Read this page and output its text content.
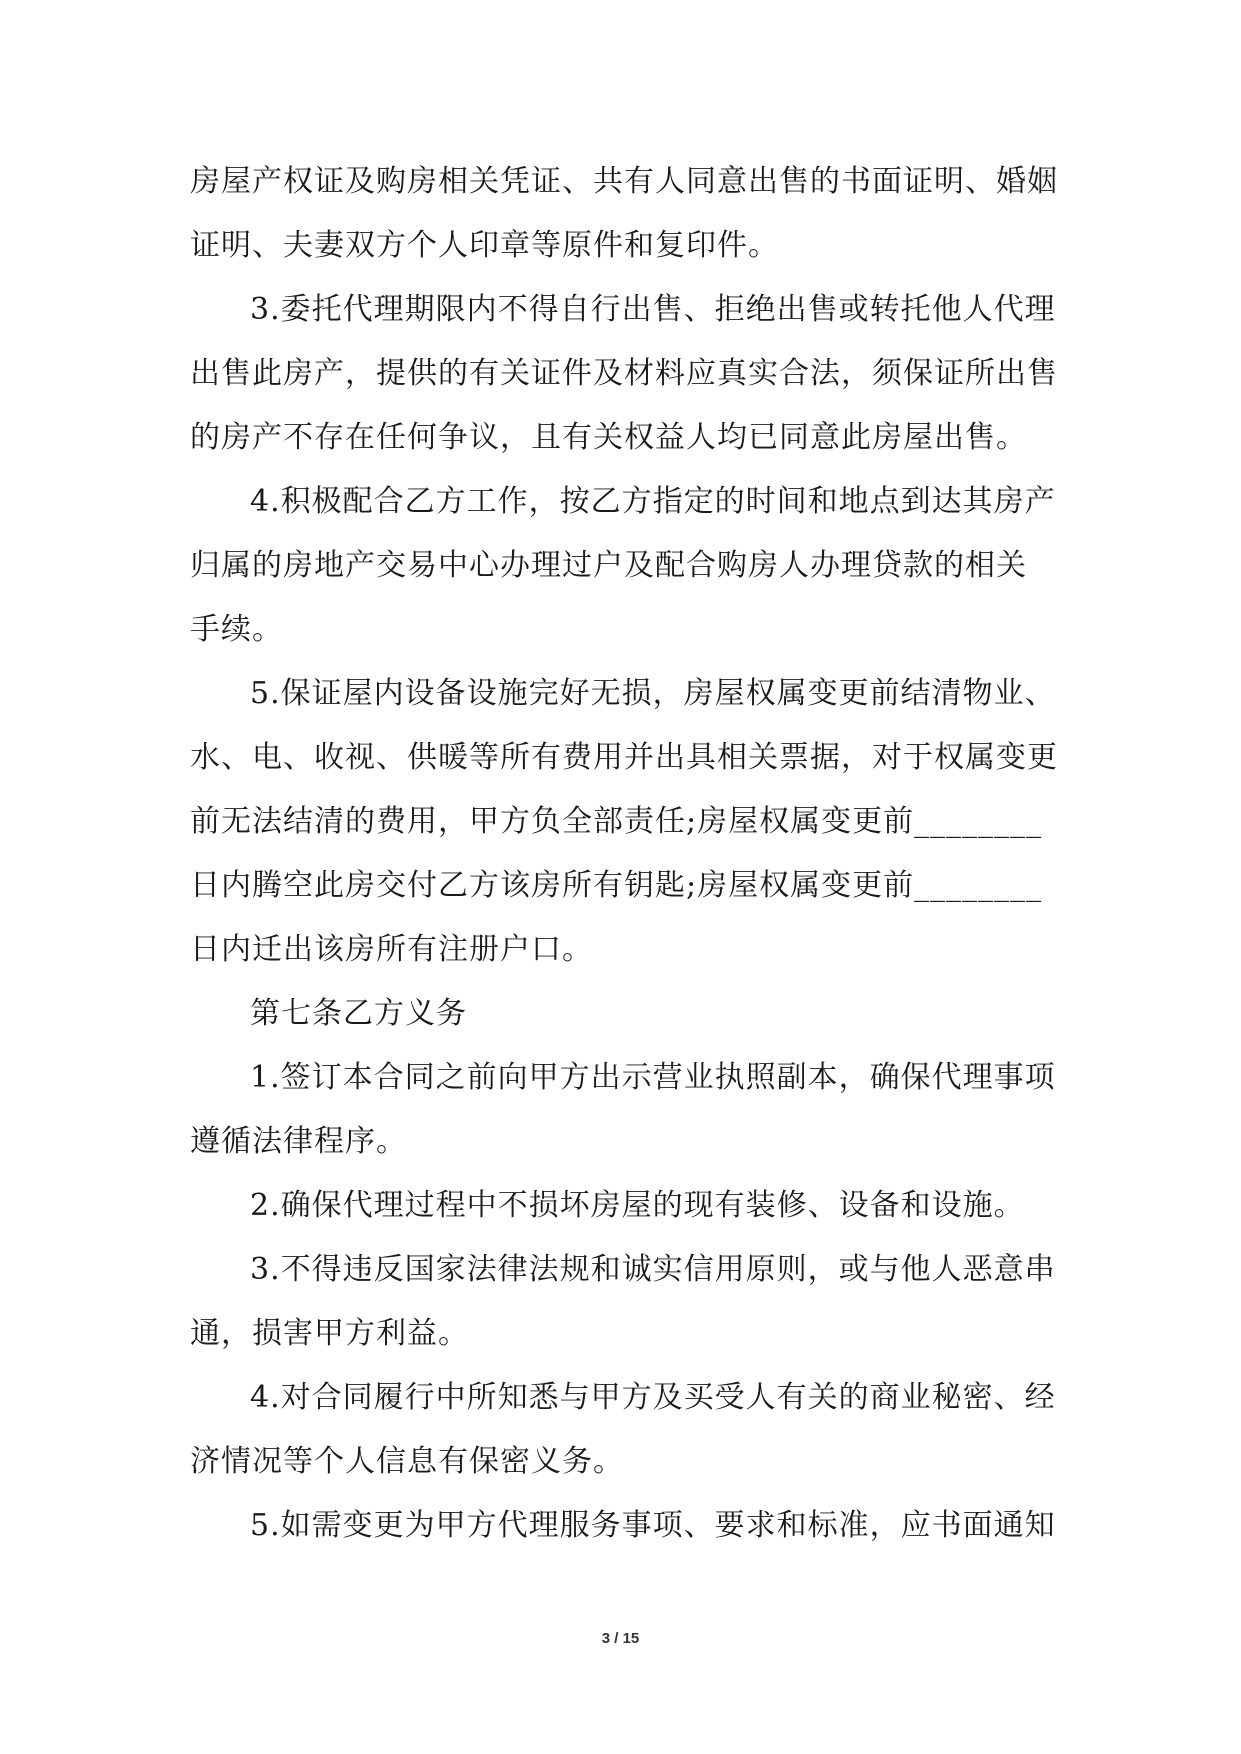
房屋产权证及购房相关凭证、共有人同意出售的书面证明、婚姻
证明、夫妻双方个人印章等原件和复印件。
3.委托代理期限内不得自行出售、拒绝出售或转托他人代理
出售此房产，提供的有关证件及材料应真实合法，须保证所出售
的房产不存在任何争议，且有关权益人均已同意此房屋出售。
4.积极配合乙方工作，按乙方指定的时间和地点到达其房产
归属的房地产交易中心办理过户及配合购房人办理贷款的相关
手续。
5.保证屋内设备设施完好无损，房屋权属变更前结清物业、
水、电、收视、供暖等所有费用并出具相关票据，对于权属变更
前无法结清的费用，甲方负全部责任;房屋权属变更前________
日内腾空此房交付乙方该房所有钥匙;房屋权属变更前________
日内迁出该房所有注册户口。
第七条乙方义务
1.签订本合同之前向甲方出示营业执照副本，确保代理事项
遵循法律程序。
2.确保代理过程中不损坏房屋的现有装修、设备和设施。
3.不得违反国家法律法规和诚实信用原则，或与他人恶意串
通，损害甲方利益。
4.对合同履行中所知悉与甲方及买受人有关的商业秘密、经
济情况等个人信息有保密义务。
5.如需变更为甲方代理服务事项、要求和标准，应书面通知
3 / 15
